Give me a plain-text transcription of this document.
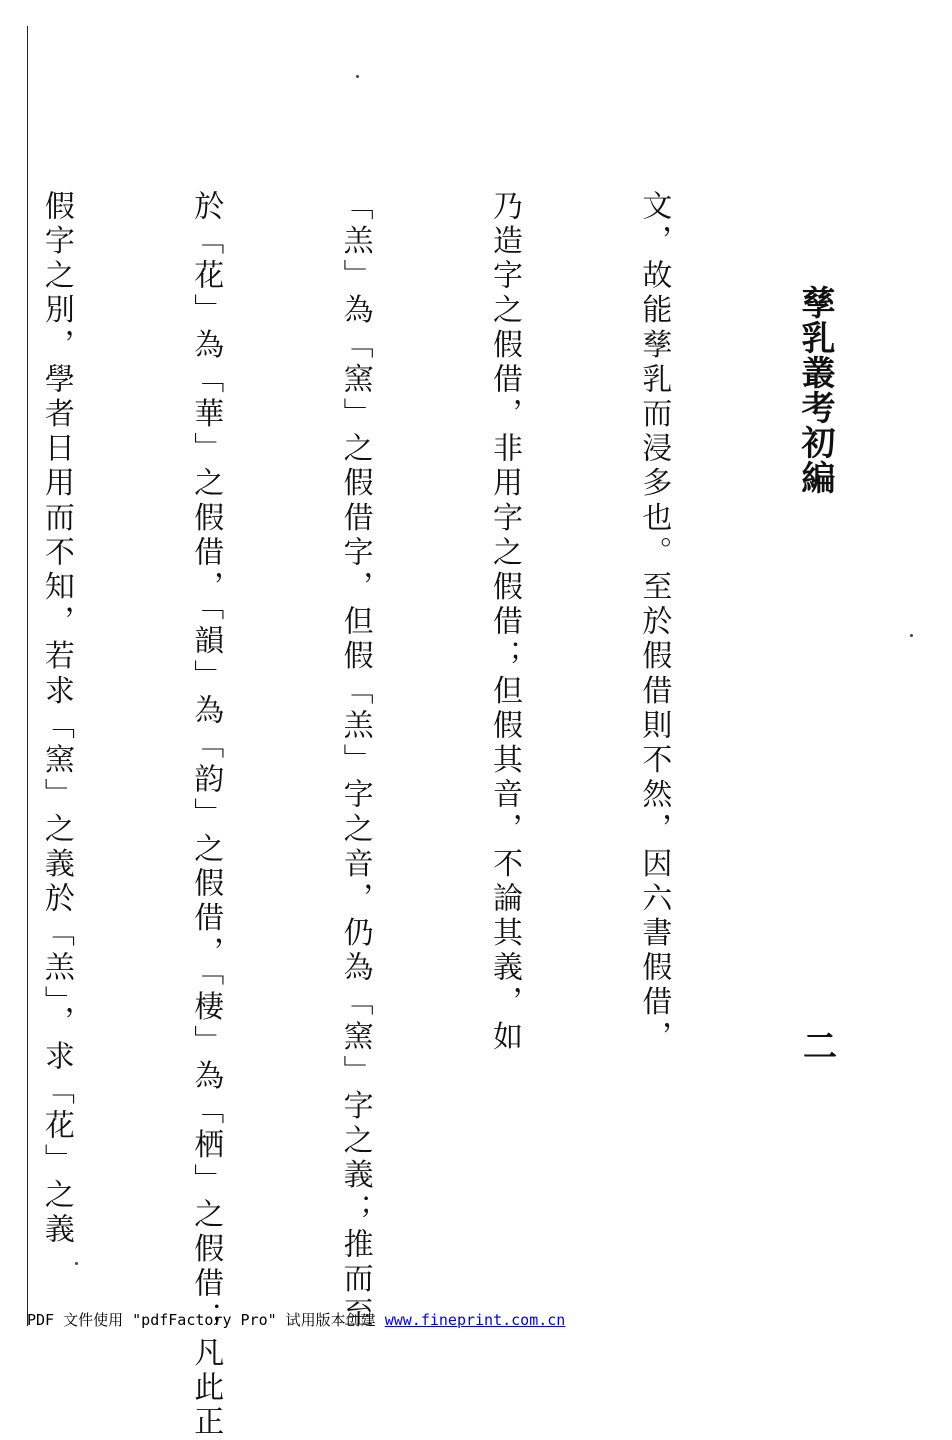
孳乳叢考初編
二

文，故能孳乳而浸多也。至於假借則不然，因六書假借，

乃造字之假借，非用字之假借；但假其音，不論其義，如

「羔」為「窯」之假借字，但假「羔」字之音，仍為「窯」字之義；推而至

於「花」為「華」之假借，「韻」為「韵」之假借，「棲」為「栖」之假借；凡此正

假字之別，學者日用而不知，若求「窯」之義於「羔」，求「花」之義

PDF 文件使用 "pdfFactory Pro" 试用版本创建 www.fineprint.com.cn
